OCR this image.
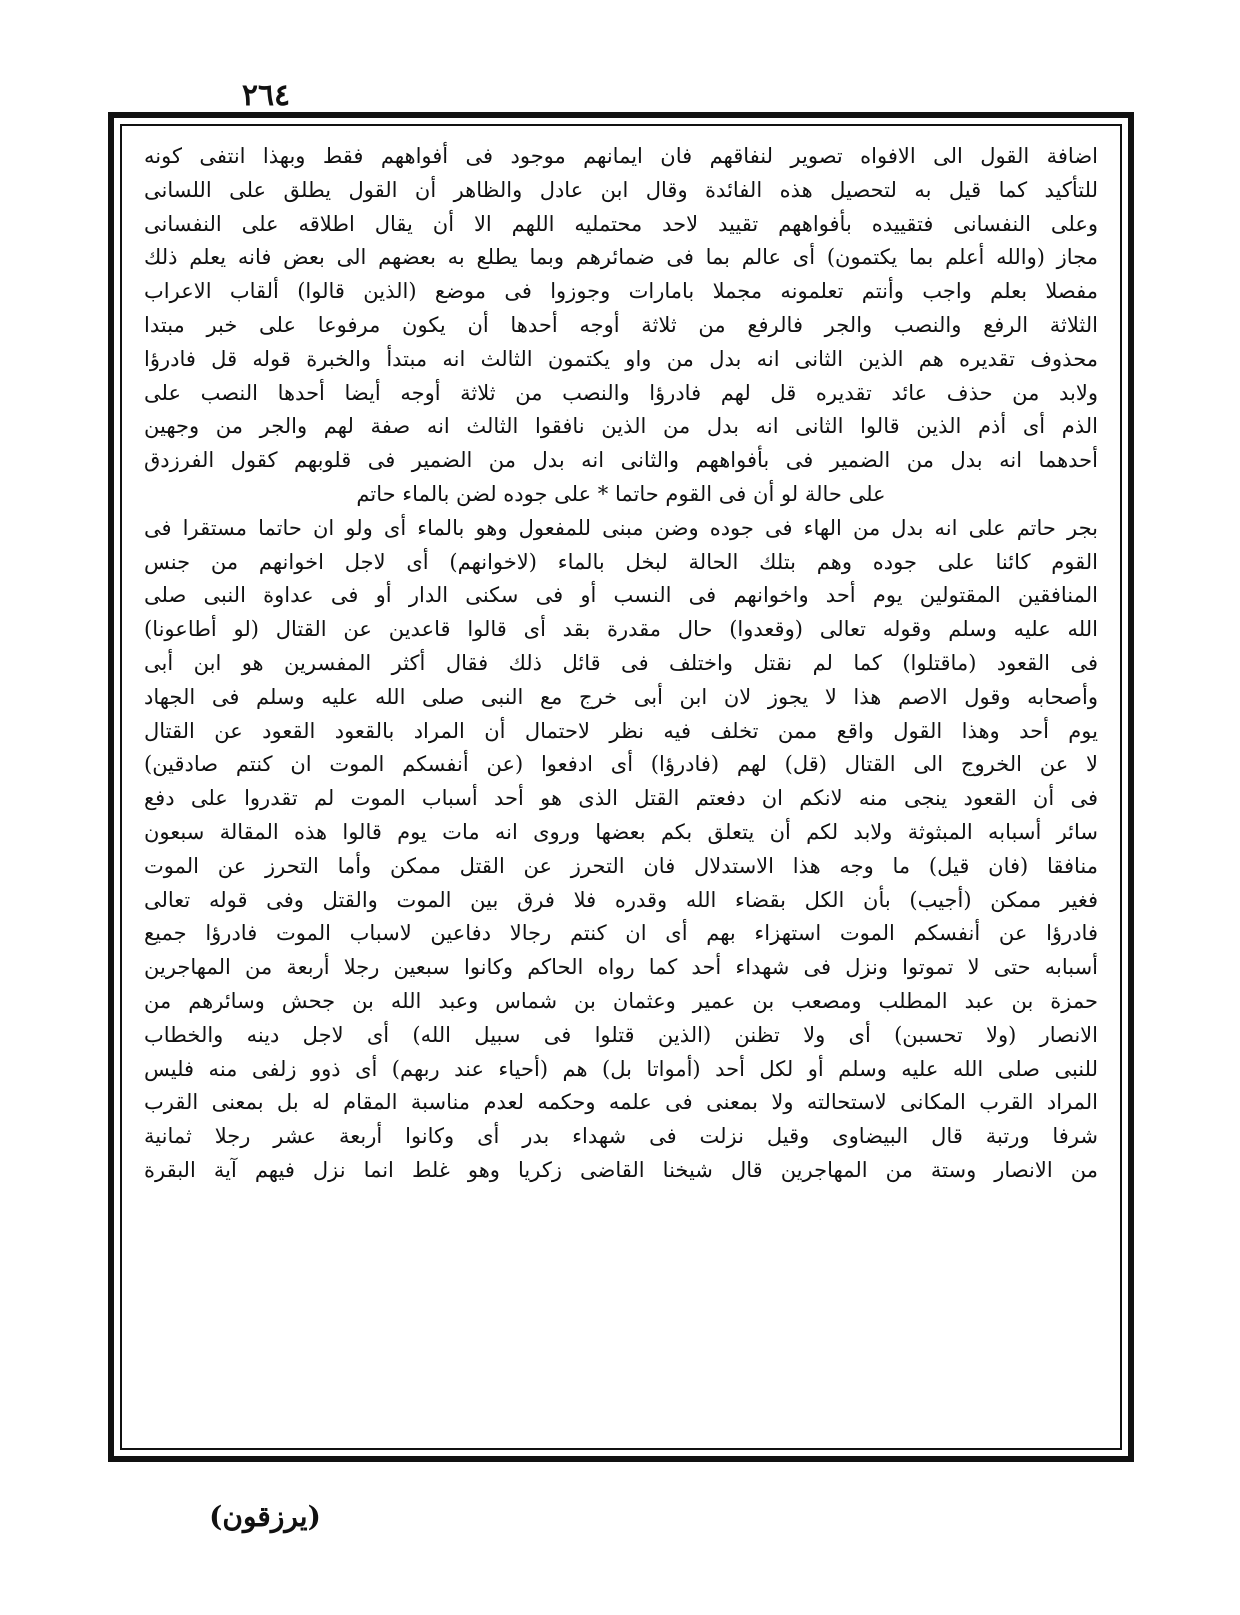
٢٦٤
اضافة القول الى الافواه تصوير لنفاقهم فان ايمانهم موجود فى أفواههم فقط وبهذا انتفى كونه
للتأكيد كما قيل به لتحصيل هذه الفائدة وقال ابن عادل والظاهر أن القول يطلق على اللسانى
وعلى النفسانى فتقييده بأفواههم تقييد لاحد محتمليه اللهم الا أن يقال اطلاقه على النفسانى
مجاز (والله أعلم بما يكتمون) أى عالم بما فى ضمائرهم وبما يطلع به بعضهم الى بعض فانه يعلم ذلك
مفصلا بعلم واجب وأنتم تعلمونه مجملا بامارات وجوزوا فى موضع (الذين قالوا) ألقاب الاعراب
الثلاثة الرفع والنصب والجر فالرفع من ثلاثة أوجه أحدها أن يكون مرفوعا على خبر مبتدا
محذوف تقديره هم الذين الثانى انه بدل من واو يكتمون الثالث انه مبتدأ والخبرة قوله قل فادرؤا
ولابد من حذف عائد تقديره قل لهم فادرؤا والنصب من ثلاثة أوجه أيضا أحدها النصب على
الذم أى أذم الذين قالوا الثانى انه بدل من الذين نافقوا الثالث انه صفة لهم والجر من وجهين
أحدهما انه بدل من الضمير فى بأفواههم والثانى انه بدل من الضمير فى قلوبهم كقول الفرزدق
على حالة لو أن فى القوم حاتما * على جوده لضن بالماء حاتم
بجر حاتم على انه بدل من الهاء فى جوده وضن مبنى للمفعول وهو بالماء أى ولو ان حاتما مستقرا فى
القوم كائنا على جوده وهم بتلك الحالة لبخل بالماء (لاخوانهم) أى لاجل اخوانهم من جنس
المنافقين المقتولين يوم أحد واخوانهم فى النسب أو فى سكنى الدار أو فى عداوة النبى صلى
الله عليه وسلم وقوله تعالى (وقعدوا) حال مقدرة بقد أى قالوا قاعدين عن القتال (لو أطاعونا)
فى القعود (ماقتلوا) كما لم نقتل واختلف فى قائل ذلك فقال أكثر المفسرين هو ابن أبى
وأصحابه وقول الاصم هذا لا يجوز لان ابن أبى خرج مع النبى صلى الله عليه وسلم فى الجهاد
يوم أحد وهذا القول واقع ممن تخلف فيه نظر لاحتمال أن المراد بالقعود القعود عن القتال
لا عن الخروج الى القتال (قل) لهم (فادرؤا) أى ادفعوا (عن أنفسكم الموت ان كنتم صادقين)
فى أن القعود ينجى منه لانكم ان دفعتم القتل الذى هو أحد أسباب الموت لم تقدروا على دفع
سائر أسبابه المبثوثة ولابد لكم أن يتعلق بكم بعضها وروى انه مات يوم قالوا هذه المقالة سبعون
منافقا (فان قيل) ما وجه هذا الاستدلال فان التحرز عن القتل ممكن وأما التحرز عن الموت
فغير ممكن (أجيب) بأن الكل بقضاء الله وقدره فلا فرق بين الموت والقتل وفى قوله تعالى
فادرؤا عن أنفسكم الموت استهزاء بهم أى ان كنتم رجالا دفاعين لاسباب الموت فادرؤا جميع
أسبابه حتى لا تموتوا ونزل فى شهداء أحد كما رواه الحاكم وكانوا سبعين رجلا أربعة من المهاجرين
حمزة بن عبد المطلب ومصعب بن عمير وعثمان بن شماس وعبد الله بن جحش وسائرهم من
الانصار (ولا تحسبن) أى ولا تظنن (الذين قتلوا فى سبيل الله) أى لاجل دينه والخطاب
للنبى صلى الله عليه وسلم أو لكل أحد (أمواتا بل) هم (أحياء عند ربهم) أى ذوو زلفى منه فليس
المراد القرب المكانى لاستحالته ولا بمعنى فى علمه وحكمه لعدم مناسبة المقام له بل بمعنى القرب
شرفا ورتبة قال البيضاوى وقيل نزلت فى شهداء بدر أى وكانوا أربعة عشر رجلا ثمانية
من الانصار وستة من المهاجرين قال شيخنا القاضى زكريا وهو غلط انما نزل فيهم آية البقرة
(يرزقون)
